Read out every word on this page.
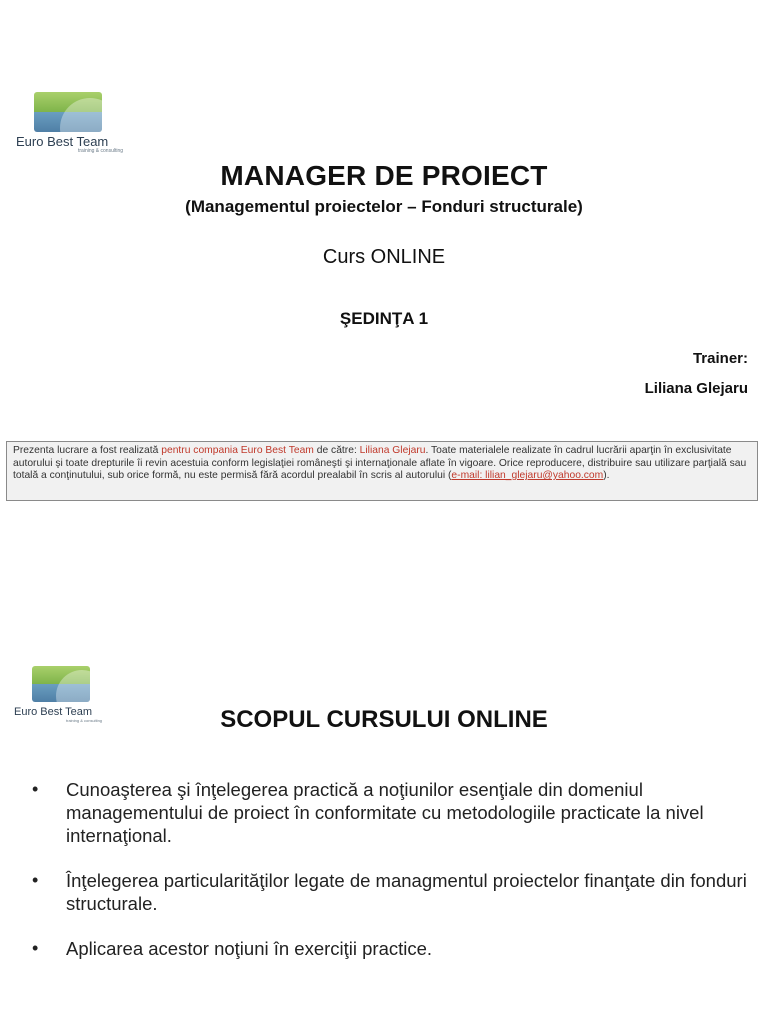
Euro Best Team
training & consulting
MANAGER DE PROIECT
(Managementul proiectelor – Fonduri structurale)
Curs ONLINE
ŞEDINŢA 1
Trainer:
Liliana Glejaru
Prezenta lucrare a fost realizată pentru compania Euro Best Team de către: Liliana Glejaru. Toate materialele realizate în cadrul lucrării aparţin în exclusivitate autorului şi toate drepturile îi revin acestuia conform legislaţiei româneşti şi internaţionale aflate în vigoare. Orice reproducere, distribuire sau utilizare parţială sau totală a conţinutului, sub orice formă, nu este permisă fără acordul prealabil în scris al autorului (e-mail: lilian_glejaru@yahoo.com).
Euro Best Team
training & consulting	SCOPUL CURSULUI ONLINE
• Cunoaşterea şi înţelegerea practică a noţiunilor esenţiale din domeniul managementului de proiect în conformitate cu metodologiile practicate la nivel internaţional.
• Înţelegerea particularităţilor legate de managmentul proiectelor finanţate din fonduri structurale.
• Aplicarea acestor noţiuni în exerciţii practice.
